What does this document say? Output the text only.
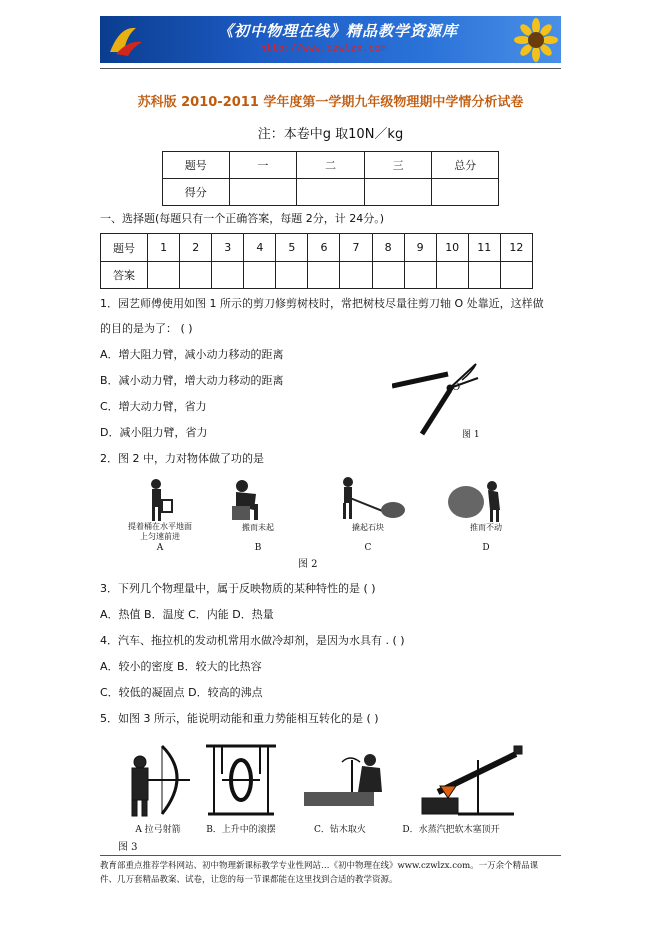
《初中物理在线》精品教学资源库
http://www.czwlzx.com
苏科版 2010-2011 学年度第一学期九年级物理期中学情分析试卷
注：本卷中g 取10N／kg
题号	一	二	三	总分
得分				
一、选择题(每题只有一个正确答案，每题 2分，计 24分。)
题号	1	2	3	4	5	6	7	8	9	10	11	12
答案												
1．园艺师傅使用如图 1 所示的剪刀修剪树枝时，常把树枝尽量往剪刀轴 O 处靠近，这样做
的目的是为了： ( )
A．增大阻力臂，减小动力移动的距离
B．减小动力臂，增大动力移动的距离
C．增大动力臂，省力
D．减小阻力臂，省力
O
图 1
2．图 2 中，力对物体做了功的是
提着桶在水平地面
上匀速前进
A
搬而未起
B
撬起石块
C
推而不动
D
图 2
3．下列几个物理量中，属于反映物质的某种特性的是 ( )
A．热值 B．温度 C．内能 D．热量
4．汽车、拖拉机的发动机常用水做冷却剂，是因为水具有 . ( )
A．较小的密度 B．较大的比热容
C．较低的凝固点 D．较高的沸点
5．如图 3 所示，能说明动能和重力势能相互转化的是 ( )
A 拉弓射箭	B．上升中的滚摆	C．钻木取火	D．水蒸汽把软木塞顶开
图 3
教育部重点推荐学科网站、初中物理新课标教学专业性网站…《初中物理在线》www.czwlzx.com。一万余个精品课件、几万套精品教案、试卷，让您的每一节课都能在这里找到合适的教学资源。
